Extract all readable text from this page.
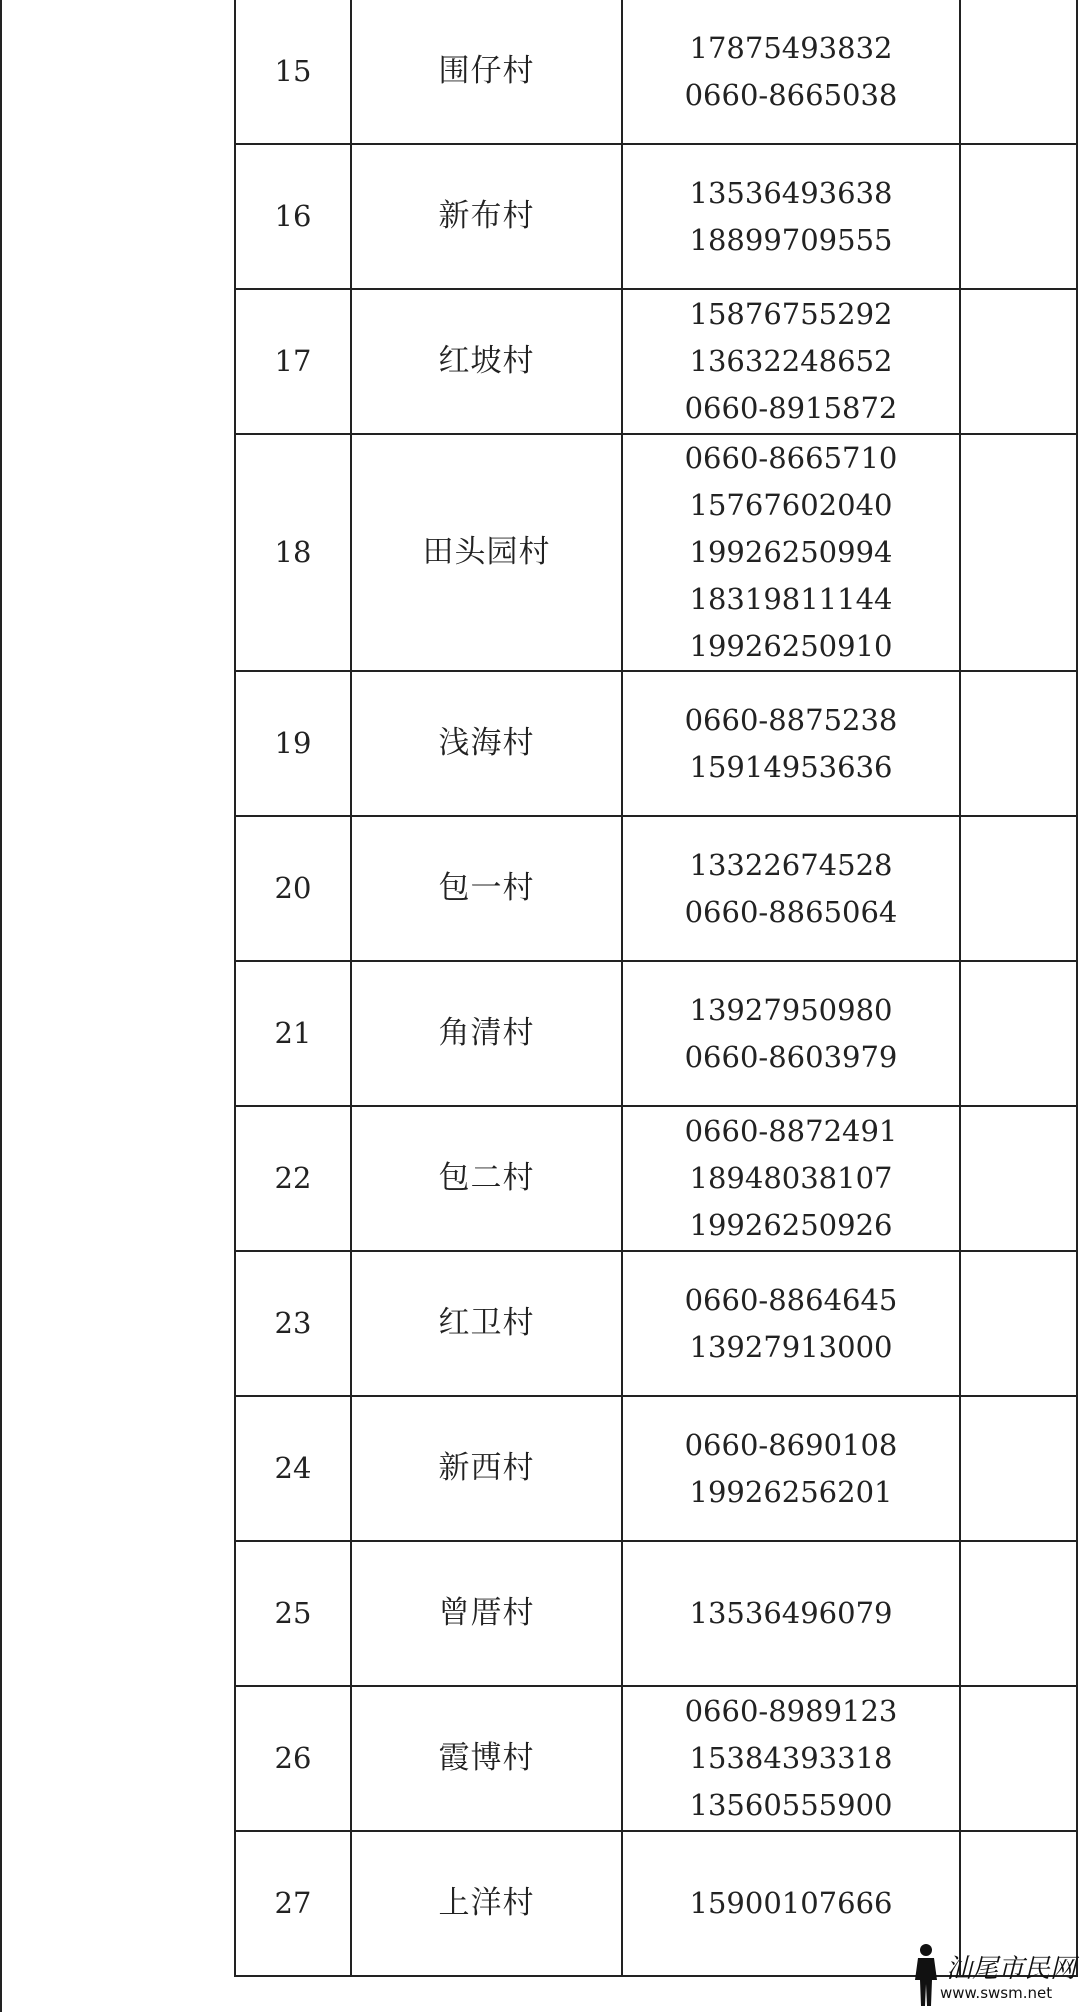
15	围仔村	17875493832
0660-8665038	

16	新布村	13536493638
18899709555	

17	红坡村	15876755292
13632248652
0660-8915872	

18	田头园村	0660-8665710
15767602040
19926250994
18319811144
19926250910	

19	浅海村	0660-8875238
15914953636	

20	包一村	13322674528
0660-8865064	

21	角清村	13927950980
0660-8603979	

22	包二村	0660-8872491
18948038107
19926250926	

23	红卫村	0660-8864645
13927913000	

24	新西村	0660-8690108
19926256201	

25	曾厝村	13536496079	

26	霞博村	0660-8989123
15384393318
13560555900	

27	上洋村	15900107666	

汕尾市民网
www.swsm.net
